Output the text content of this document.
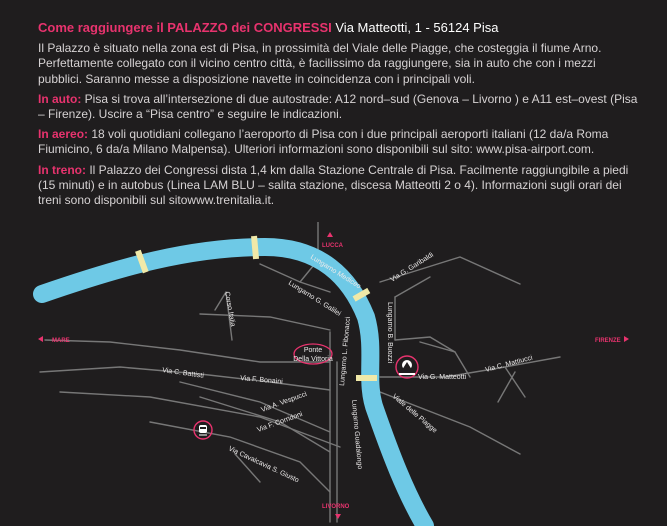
Come raggiungere il PALAZZO dei CONGRESSI Via Matteotti, 1 - 56124 Pisa

Il Palazzo è situato nella zona est di Pisa, in prossimità del Viale delle Piagge, che costeggia il fiume Arno. Perfettamente collegato con il vicino centro città, è facilissimo da raggiungere, sia in auto che con i mezzi pubblici. Saranno messe a disposizione navette in coincidenza con i principali voli.

In auto: Pisa si trova all’intersezione di due autostrade: A12 nord–sud (Genova – Livorno ) e A11 est–ovest (Pisa – Firenze). Uscire a “Pisa centro” e seguire le indicazioni.

In aereo: 18 voli quotidiani collegano l’aeroporto di Pisa con i due principali aeroporti italiani (12 da/a Roma Fiumicino, 6 da/a Milano Malpensa). Ulteriori informazioni sono disponibili sul sito: www.pisa-airport.com.

In treno: Il Palazzo dei Congressi dista 1,4 km dalla Stazione Centrale di Pisa. Facilmente raggiungibile a piedi (15 minuti) e in autobus (Linea LAM BLU – salita stazione, discesa Matteotti 2 o 4). Informazioni sugli orari dei treni sono disponibili sul sitowww.trenitalia.it.

LUCCA
LIVORNO
MARE	FIRENZE
Lungarno Mediceo
Lungarno G. Galilei
Corso Italia
Lungarno L. Fibonacci	Lungarno B. Buozzi
Via G. Garibaldi
Via C. Mattiucci
Via G. Matteotti
Viale delle Piagge
Lungarno Guadalongo
Via C. Battisti
Via F. Bonaini
Via A. Vespucci
Via F. Corridoni
Via Cavalcavia S. Giusto
Ponte
Della Vittoria
